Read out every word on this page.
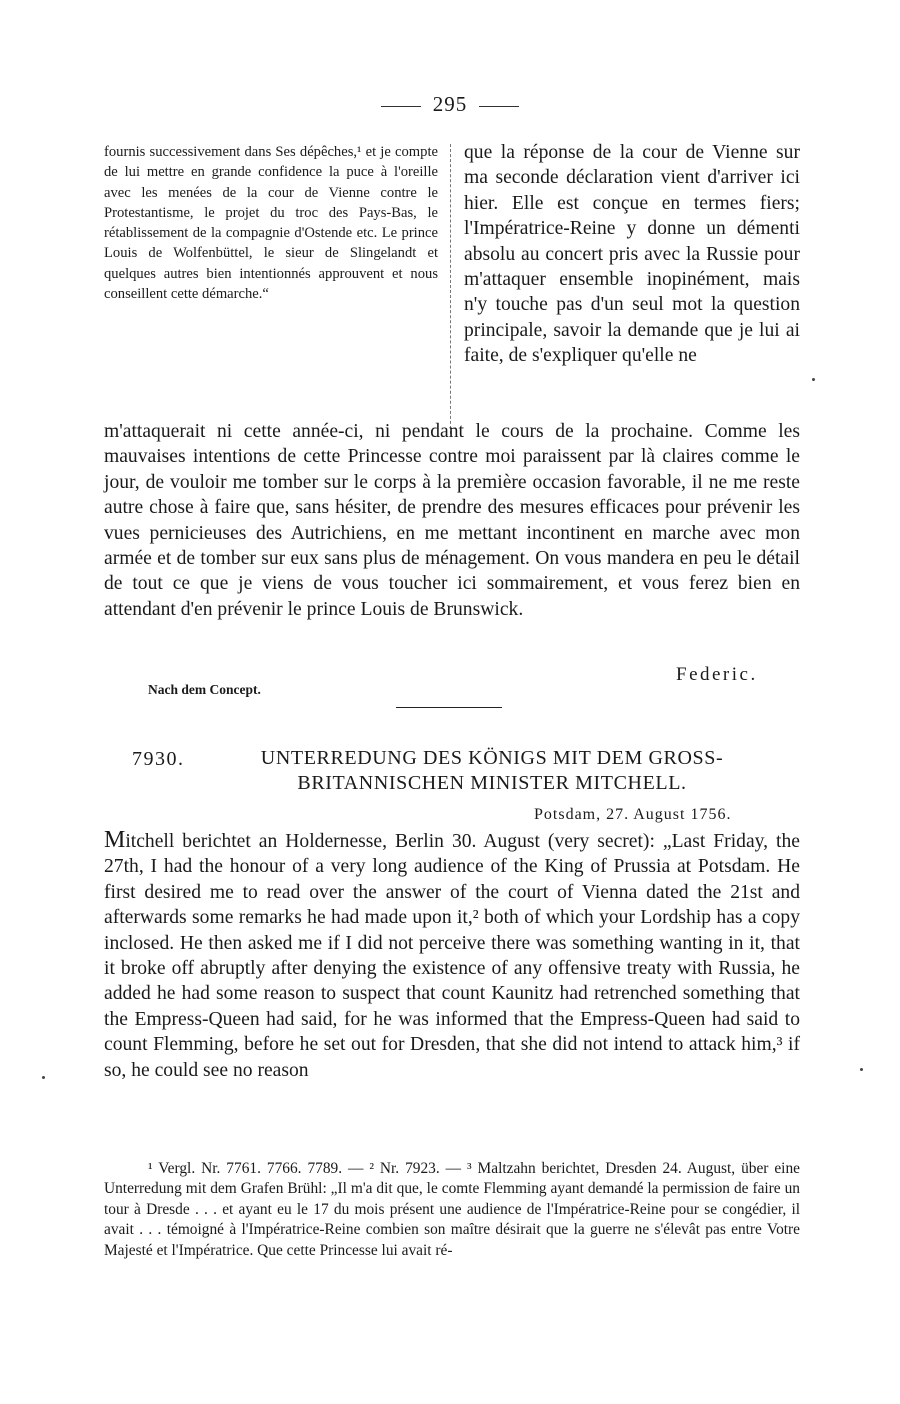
295
fournis successivement dans Ses dépêches,¹ et je compte de lui mettre en grande confidence la puce à l'oreille avec les menées de la cour de Vienne contre le Protestantisme, le projet du troc des Pays-Bas, le rétablissement de la compagnie d'Ostende etc. Le prince Louis de Wolfenbüttel, le sieur de Slingelandt et quelques autres bien intentionnés approuvent et nous conseillent cette démarche.“
que la réponse de la cour de Vienne sur ma seconde déclaration vient d'arriver ici hier. Elle est conçue en termes fiers; l'Impératrice-Reine y donne un démenti absolu au concert pris avec la Russie pour m'attaquer ensemble inopinément, mais n'y touche pas d'un seul mot la question principale, savoir la demande que je lui ai faite, de s'expliquer qu'elle ne
m'attaquerait ni cette année-ci, ni pendant le cours de la prochaine. Comme les mauvaises intentions de cette Princesse contre moi paraissent par là claires comme le jour, de vouloir me tomber sur le corps à la première occasion favorable, il ne me reste autre chose à faire que, sans hésiter, de prendre des mesures efficaces pour prévenir les vues pernicieuses des Autrichiens, en me mettant incontinent en marche avec mon armée et de tomber sur eux sans plus de ménagement. On vous mandera en peu le détail de tout ce que je viens de vous toucher ici sommairement, et vous ferez bien en attendant d'en prévenir le prince Louis de Brunswick.
Federic.
Nach dem Concept.
7930.	UNTERREDUNG DES KÖNIGS MIT DEM GROSS-BRITANNISCHEN MINISTER MITCHELL.
Potsdam, 27. August 1756.
Mitchell berichtet an Holdernesse, Berlin 30. August (very secret): „Last Friday, the 27th, I had the honour of a very long audience of the King of Prussia at Potsdam. He first desired me to read over the answer of the court of Vienna dated the 21st and afterwards some remarks he had made upon it,² both of which your Lordship has a copy inclosed. He then asked me if I did not perceive there was something wanting in it, that it broke off abruptly after denying the existence of any offensive treaty with Russia, he added he had some reason to suspect that count Kaunitz had retrenched something that the Empress-Queen had said, for he was informed that the Empress-Queen had said to count Flemming, before he set out for Dresden, that she did not intend to attack him,³ if so, he could see no reason
¹ Vergl. Nr. 7761. 7766. 7789. — ² Nr. 7923. — ³ Maltzahn berichtet, Dresden 24. August, über eine Unterredung mit dem Grafen Brühl: „Il m'a dit que, le comte Flemming ayant demandé la permission de faire un tour à Dresde . . . et ayant eu le 17 du mois présent une audience de l'Impératrice-Reine pour se congédier, il avait . . . témoigné à l'Impératrice-Reine combien son maître désirait que la guerre ne s'élevât pas entre Votre Majesté et l'Impératrice. Que cette Princesse lui avait ré-
